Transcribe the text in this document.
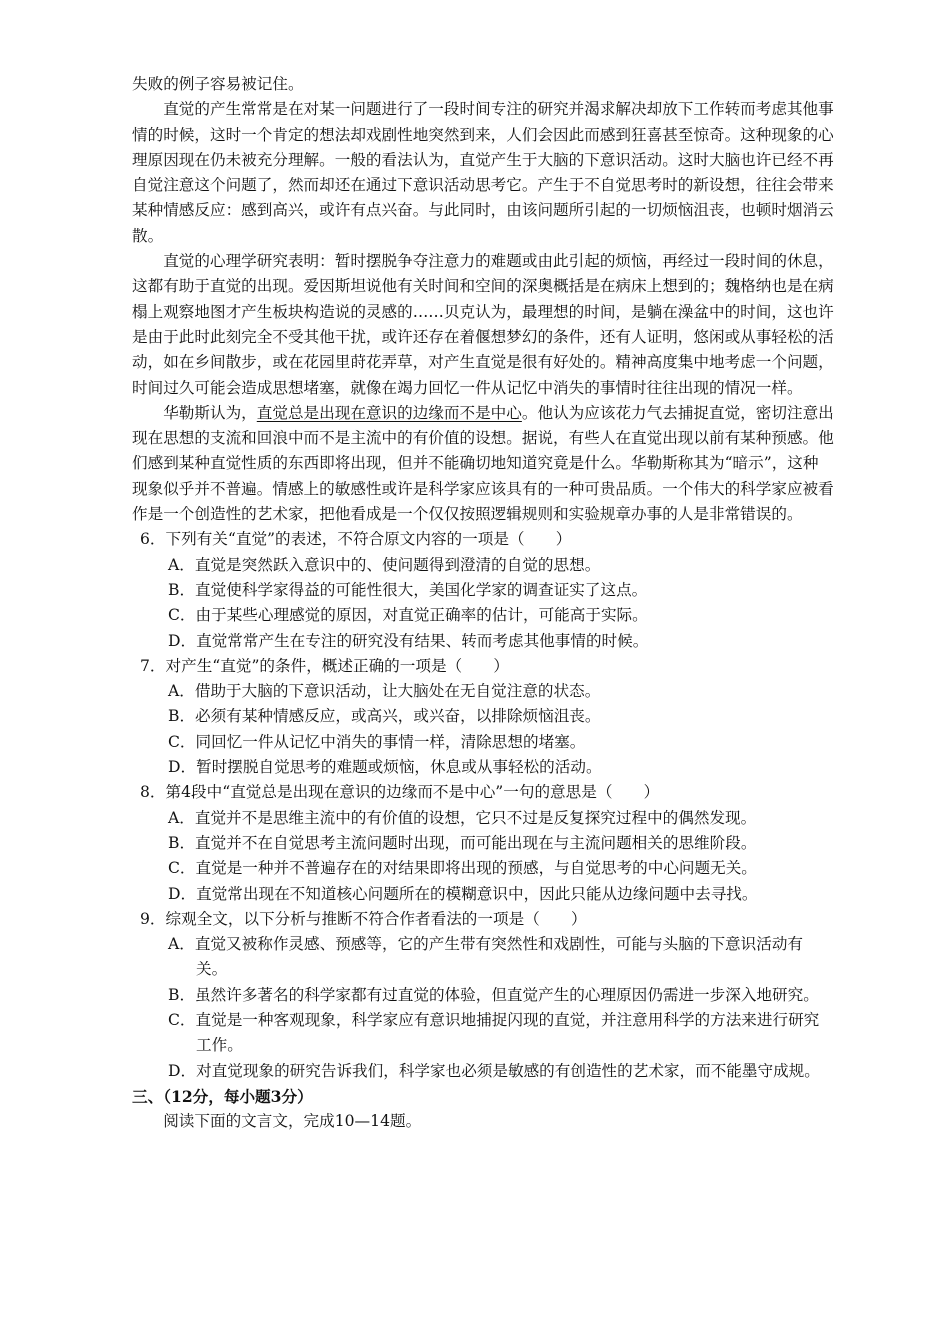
失败的例子容易被记住。

直觉的产生常常是在对某一问题进行了一段时间专注的研究并渴求解决却放下工作转而考虑其他事情的时候，这时一个肯定的想法却戏剧性地突然到来，人们会因此而感到狂喜甚至惊奇。这种现象的心理原因现在仍未被充分理解。一般的看法认为，直觉产生于大脑的下意识活动。这时大脑也许已经不再自觉注意这个问题了，然而却还在通过下意识活动思考它。产生于不自觉思考时的新设想，往往会带来某种情感反应：感到高兴，或许有点兴奋。与此同时，由该问题所引起的一切烦恼沮丧，也顿时烟消云散。

直觉的心理学研究表明：暂时摆脱争夺注意力的难题或由此引起的烦恼，再经过一段时间的休息，这都有助于直觉的出现。爱因斯坦说他有关时间和空间的深奥概括是在病床上想到的；魏格纳也是在病榻上观察地图才产生板块构造说的灵感的……贝克认为，最理想的时间，是躺在澡盆中的时间，这也许是由于此时此刻完全不受其他干扰，或许还存在着偃想梦幻的条件，还有人证明，悠闲或从事轻松的活动，如在乡间散步，或在花园里莳花弄草，对产生直觉是很有好处的。精神高度集中地考虑一个问题，时间过久可能会造成思想堵塞，就像在竭力回忆一件从记忆中消失的事情时往往出现的情况一样。

华勒斯认为，直觉总是出现在意识的边缘而不是中心。他认为应该花力气去捕捉直觉，密切注意出现在思想的支流和回浪中而不是主流中的有价值的设想。据说，有些人在直觉出现以前有某种预感。他们感到某种直觉性质的东西即将出现，但并不能确切地知道究竟是什么。华勒斯称其为“暗示”，这种现象似乎并不普遍。情感上的敏感性或许是科学家应该具有的一种可贵品质。一个伟大的科学家应被看作是一个创造性的艺术家，把他看成是一个仅仅按照逻辑规则和实验规章办事的人是非常错误的。

6．下列有关“直觉”的表述，不符合原文内容的一项是（　　）

A．直觉是突然跃入意识中的、使问题得到澄清的自觉的思想。

B．直觉使科学家得益的可能性很大，美国化学家的调查证实了这点。

C．由于某些心理感觉的原因，对直觉正确率的估计，可能高于实际。

D．直觉常常产生在专注的研究没有结果、转而考虑其他事情的时候。

7．对产生“直觉”的条件，概述正确的一项是（　　）

A．借助于大脑的下意识活动，让大脑处在无自觉注意的状态。

B．必须有某种情感反应，或高兴，或兴奋，以排除烦恼沮丧。

C．同回忆一件从记忆中消失的事情一样，清除思想的堵塞。

D．暂时摆脱自觉思考的难题或烦恼，休息或从事轻松的活动。

8．第4段中“直觉总是出现在意识的边缘而不是中心”一句的意思是（　　）

A．直觉并不是思维主流中的有价值的设想，它只不过是反复探究过程中的偶然发现。

B．直觉并不在自觉思考主流问题时出现，而可能出现在与主流问题相关的思维阶段。

C．直觉是一种并不普遍存在的对结果即将出现的预感，与自觉思考的中心问题无关。

D．直觉常出现在不知道核心问题所在的模糊意识中，因此只能从边缘问题中去寻找。

9．综观全文，以下分析与推断不符合作者看法的一项是（　　）

A．直觉又被称作灵感、预感等，它的产生带有突然性和戏剧性，可能与头脑的下意识活动有关。

B．虽然许多著名的科学家都有过直觉的体验，但直觉产生的心理原因仍需进一步深入地研究。

C．直觉是一种客观现象，科学家应有意识地捕捉闪现的直觉，并注意用科学的方法来进行研究工作。

D．对直觉现象的研究告诉我们，科学家也必须是敏感的有创造性的艺术家，而不能墨守成规。

三、（12分，每小题3分）

阅读下面的文言文，完成10—14题。
